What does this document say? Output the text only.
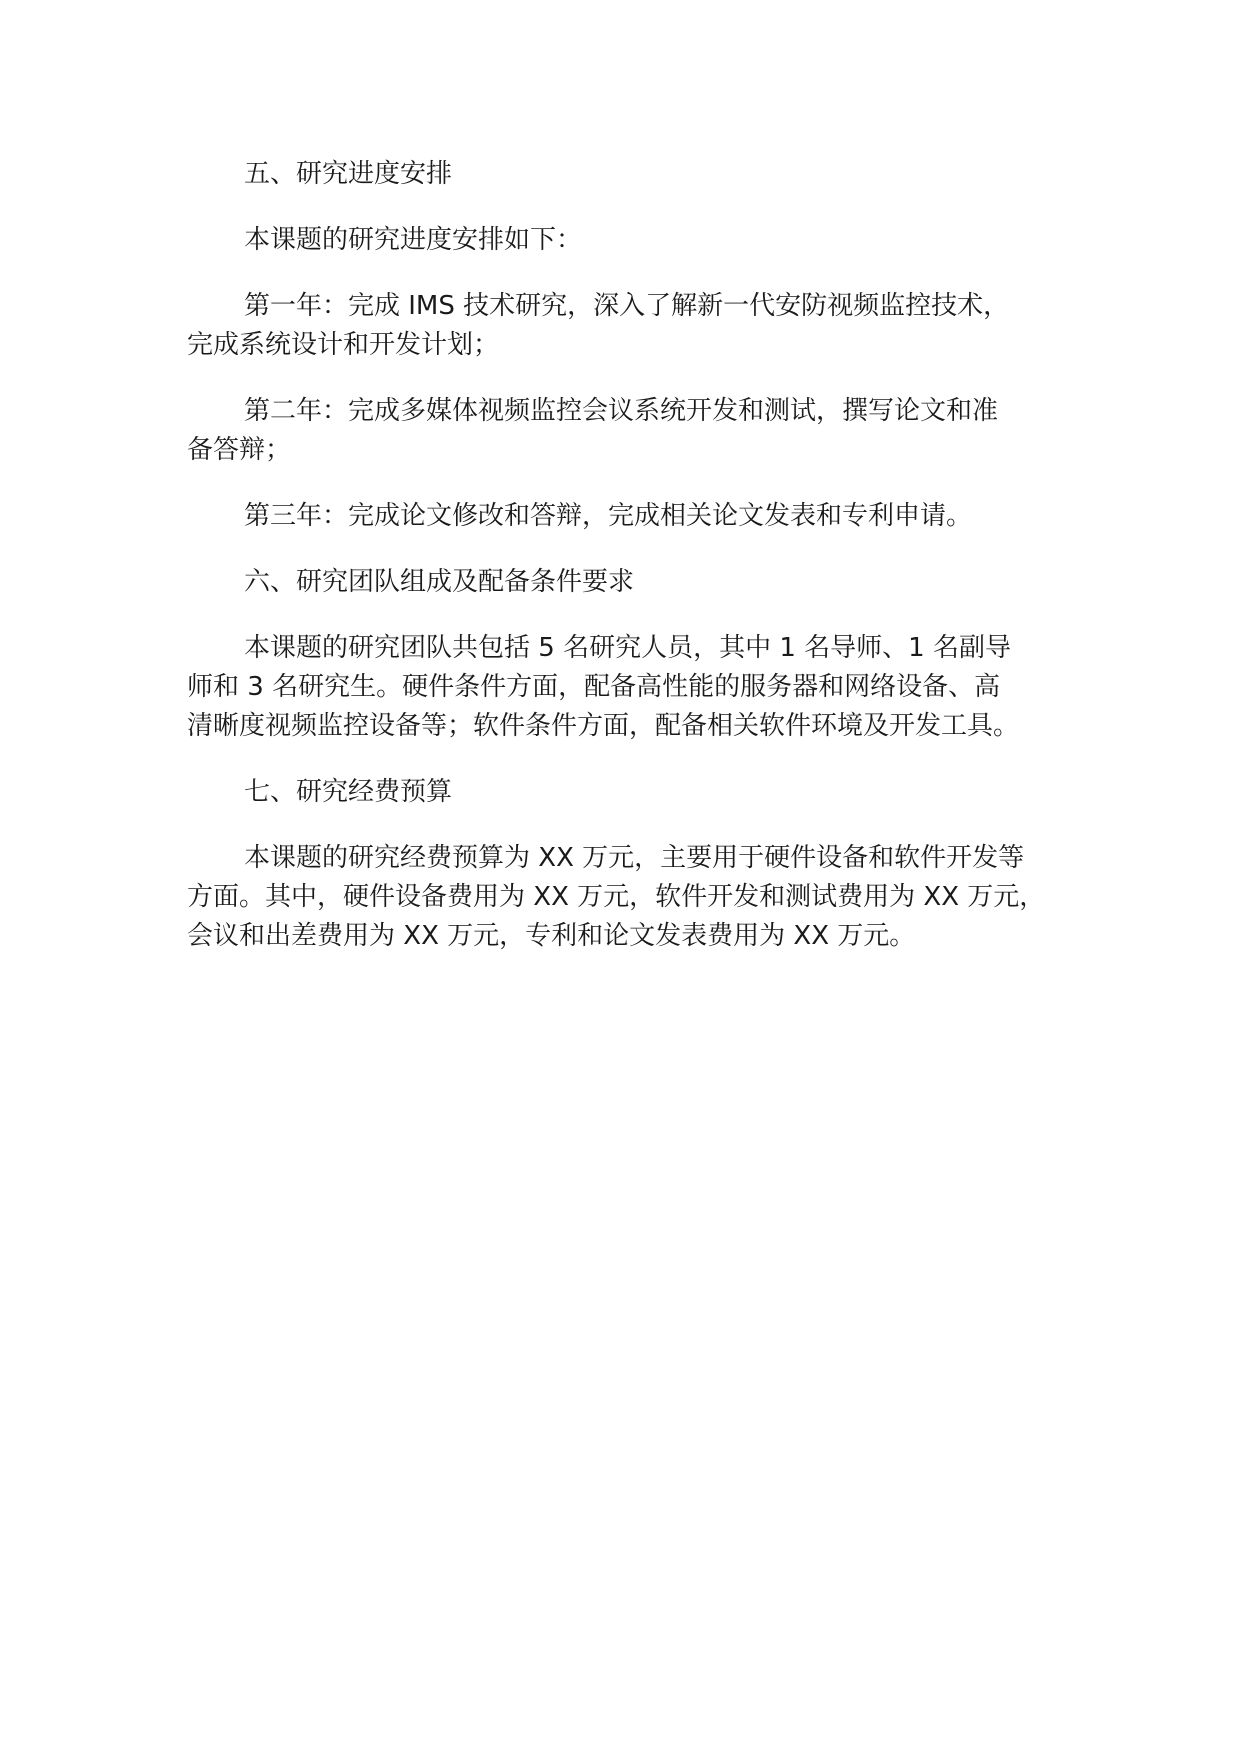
五、研究进度安排
本课题的研究进度安排如下：
第一年：完成 IMS 技术研究，深入了解新一代安防视频监控技术，
完成系统设计和开发计划；
第二年：完成多媒体视频监控会议系统开发和测试，撰写论文和准
备答辩；
第三年：完成论文修改和答辩，完成相关论文发表和专利申请。
六、研究团队组成及配备条件要求
本课题的研究团队共包括 5 名研究人员，其中 1 名导师、1 名副导
师和 3 名研究生。硬件条件方面，配备高性能的服务器和网络设备、高
清晰度视频监控设备等；软件条件方面，配备相关软件环境及开发工具。
七、研究经费预算
本课题的研究经费预算为 XX 万元，主要用于硬件设备和软件开发等
方面。其中，硬件设备费用为 XX 万元，软件开发和测试费用为 XX 万元，
会议和出差费用为 XX 万元，专利和论文发表费用为 XX 万元。
